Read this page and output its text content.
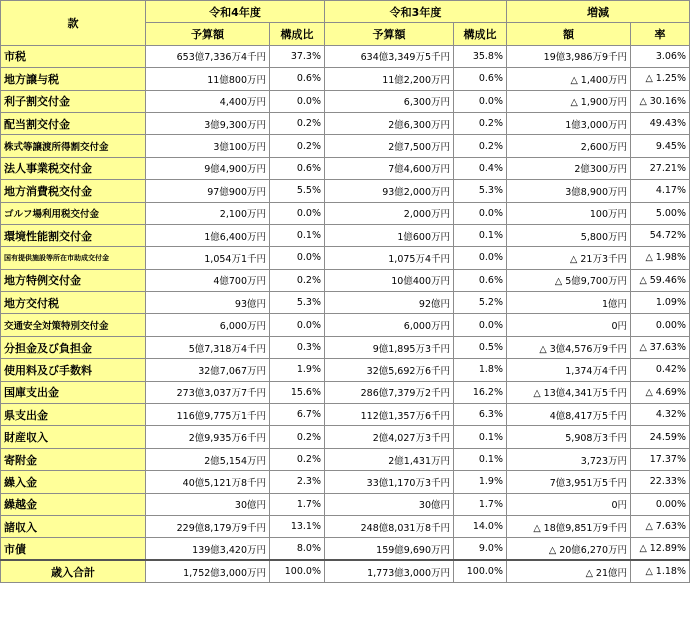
款	令和4年度		令和3年度		増減	
	予算額	構成比	予算額	構成比	額	率
市税	653億7,336万4千円	37.3%	634億3,349万5千円	35.8%	19億3,986万9千円	3.06%
地方譲与税	11億800万円	0.6%	11億2,200万円	0.6%	△ 1,400万円	△ 1.25%
利子割交付金	4,400万円	0.0%	6,300万円	0.0%	△ 1,900万円	△ 30.16%
配当割交付金	3億9,300万円	0.2%	2億6,300万円	0.2%	1億3,000万円	49.43%
株式等譲渡所得割交付金	3億100万円	0.2%	2億7,500万円	0.2%	2,600万円	9.45%
法人事業税交付金	9億4,900万円	0.6%	7億4,600万円	0.4%	2億300万円	27.21%
地方消費税交付金	97億900万円	5.5%	93億2,000万円	5.3%	3億8,900万円	4.17%
ゴルフ場利用税交付金	2,100万円	0.0%	2,000万円	0.0%	100万円	5.00%
環境性能割交付金	1億6,400万円	0.1%	1億600万円	0.1%	5,800万円	54.72%
国有提供施設等所在市助成交付金	1,054万1千円	0.0%	1,075万4千円	0.0%	△ 21万3千円	△ 1.98%
地方特例交付金	4億700万円	0.2%	10億400万円	0.6%	△ 5億9,700万円	△ 59.46%
地方交付税	93億円	5.3%	92億円	5.2%	1億円	1.09%
交通安全対策特別交付金	6,000万円	0.0%	6,000万円	0.0%	0円	0.00%
分担金及び負担金	5億7,318万4千円	0.3%	9億1,895万3千円	0.5%	△ 3億4,576万9千円	△ 37.63%
使用料及び手数料	32億7,067万円	1.9%	32億5,692万6千円	1.8%	1,374万4千円	0.42%
国庫支出金	273億3,037万7千円	15.6%	286億7,379万2千円	16.2%	△ 13億4,341万5千円	△ 4.69%
県支出金	116億9,775万1千円	6.7%	112億1,357万6千円	6.3%	4億8,417万5千円	4.32%
財産収入	2億9,935万6千円	0.2%	2億4,027万3千円	0.1%	5,908万3千円	24.59%
寄附金	2億5,154万円	0.2%	2億1,431万円	0.1%	3,723万円	17.37%
繰入金	40億5,121万8千円	2.3%	33億1,170万3千円	1.9%	7億3,951万5千円	22.33%
繰越金	30億円	1.7%	30億円	1.7%	0円	0.00%
諸収入	229億8,179万9千円	13.1%	248億8,031万8千円	14.0%	△ 18億9,851万9千円	△ 7.63%
市債	139億3,420万円	8.0%	159億9,690万円	9.0%	△ 20億6,270万円	△ 12.89%
歳入合計	1,752億3,000万円	100.0%	1,773億3,000万円	100.0%	△ 21億円	△ 1.18%
